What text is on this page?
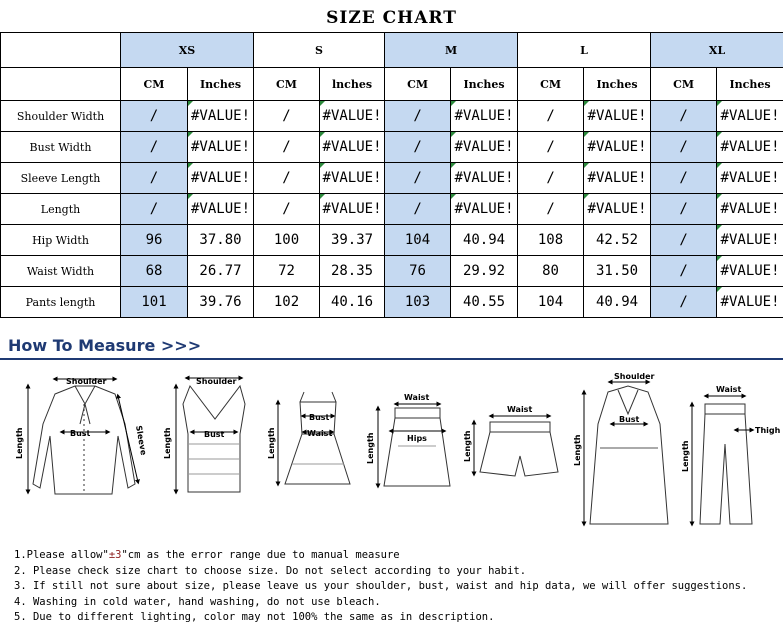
SIZE CHART
	XS		S		M		L		XL	
	CM	Inches	CM	lnches	CM	Inches	CM	Inches	CM	Inches
Shoulder Width	/	#VALUE!	/	#VALUE!	/	#VALUE!	/	#VALUE!	/	#VALUE!
Bust Width	/	#VALUE!	/	#VALUE!	/	#VALUE!	/	#VALUE!	/	#VALUE!
Sleeve Length	/	#VALUE!	/	#VALUE!	/	#VALUE!	/	#VALUE!	/	#VALUE!
Length	/	#VALUE!	/	#VALUE!	/	#VALUE!	/	#VALUE!	/	#VALUE!
Hip Width	96	37.80	100	39.37	104	40.94	108	42.52	/	#VALUE!
Waist Width	68	26.77	72	28.35	76	29.92	80	31.50	/	#VALUE!
Pants length	101	39.76	102	40.16	103	40.55	104	40.94	/	#VALUE!
How To Measure >>>
Shoulder
Bust
Length	Sleeve
Shoulder
Bust
Length
Bust
Waist
Length
Waist
Hips
Length
Waist
Length
Shoulder
Bust
Length
Waist
Thigh
Length
1.Please allow"±3"cm as the error range due to manual measure
2. Please check size chart to choose size. Do not select according to your habit.
3. If still not sure about size, please leave us your shoulder, bust, waist and hip data, we will offer suggestions.
4. Washing in cold water, hand washing, do not use bleach.
5. Due to different lighting, color may not 100% the same as in description.
